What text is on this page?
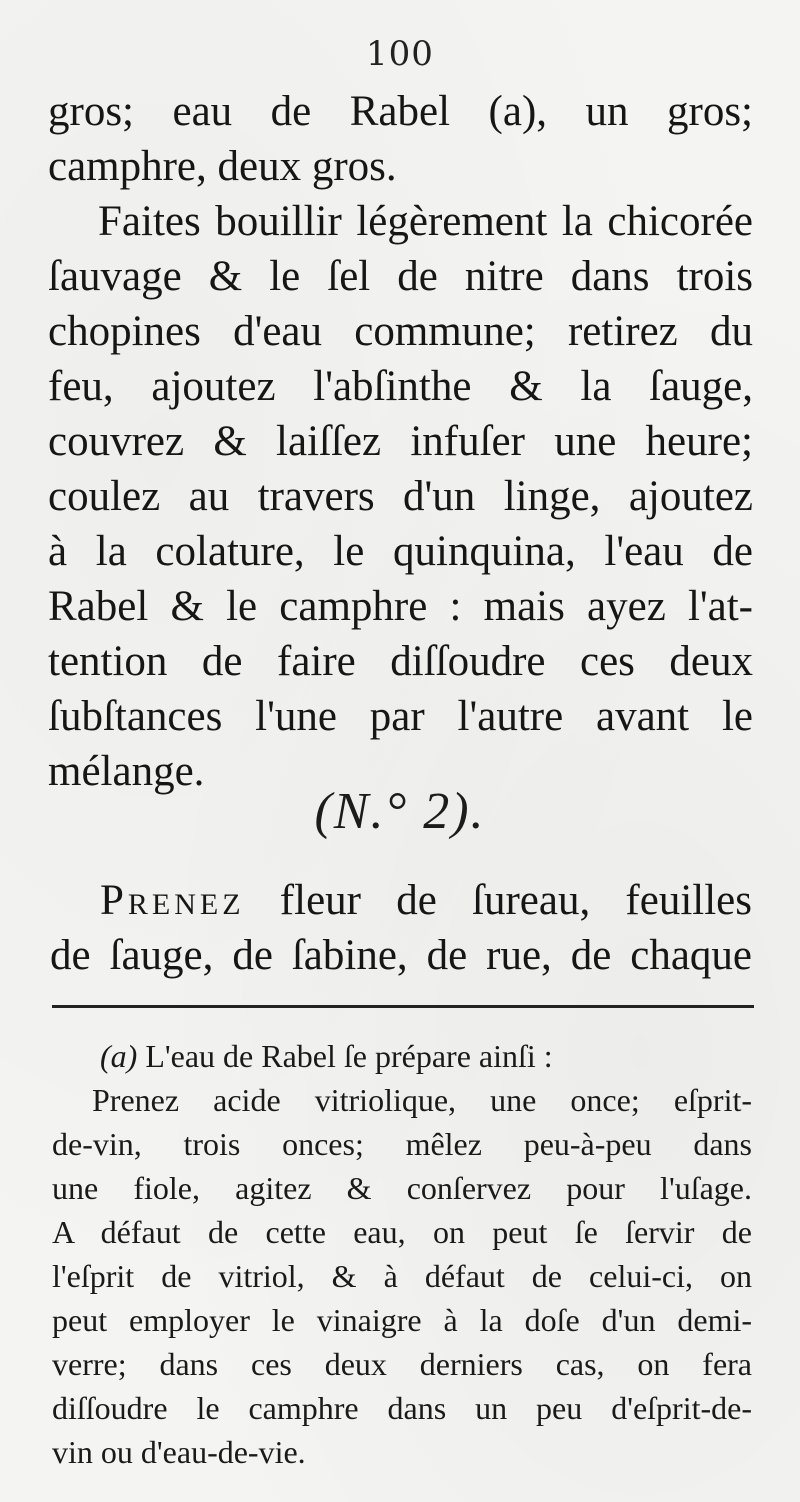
100
gros; eau de Rabel (a), un gros;
camphre, deux gros.
Faites bouillir légèrement la chicorée
ſauvage & le ſel de nitre dans trois
chopines d'eau commune; retirez du
feu, ajoutez l'abſinthe & la ſauge,
couvrez & laiſſez infuſer une heure;
coulez au travers d'un linge, ajoutez
à la colature, le quinquina, l'eau de
Rabel & le camphre : mais ayez l'at-
tention de faire diſſoudre ces deux
ſubſtances l'une par l'autre avant le
mélange.
(N.° 2).
Prenez fleur de ſureau, feuilles
de ſauge, de ſabine, de rue, de chaque
(a) L'eau de Rabel ſe prépare ainſi :
Prenez acide vitriolique, une once; eſprit-
de-vin, trois onces; mêlez peu-à-peu dans
une fiole, agitez & conſervez pour l'uſage.
A défaut de cette eau, on peut ſe ſervir de
l'eſprit de vitriol, & à défaut de celui-ci, on
peut employer le vinaigre à la doſe d'un demi-
verre; dans ces deux derniers cas, on fera
diſſoudre le camphre dans un peu d'eſprit-de-
vin ou d'eau-de-vie.
